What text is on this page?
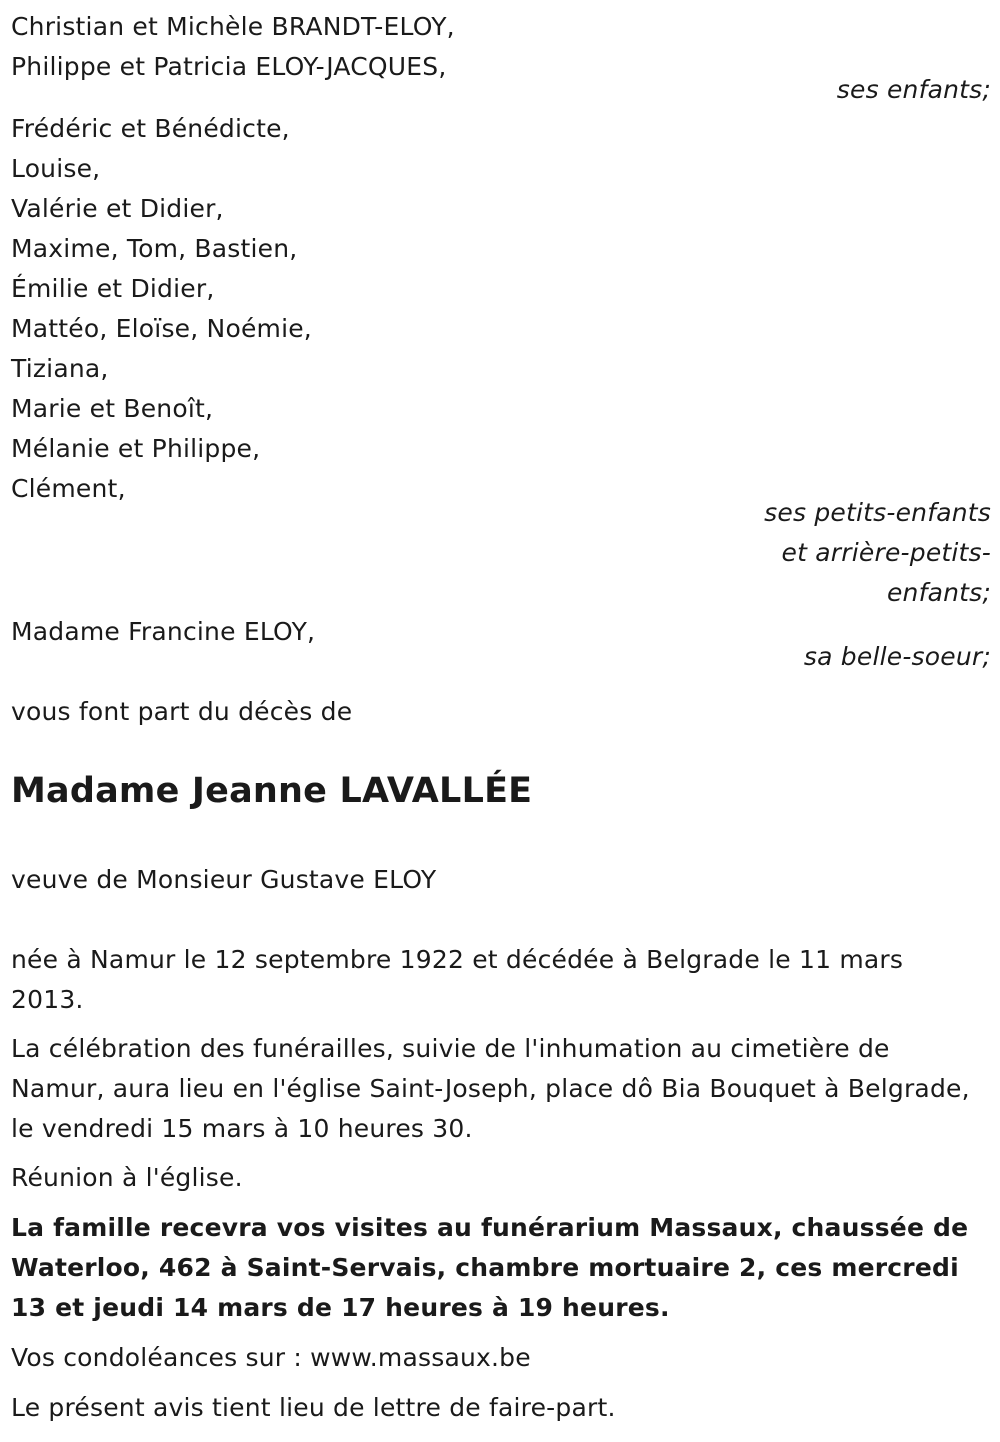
Christian et Michèle BRANDT-ELOY,
Philippe et Patricia ELOY-JACQUES,
ses enfants;
Frédéric et Bénédicte,
Louise,
Valérie et Didier,
Maxime, Tom, Bastien,
Émilie et Didier,
Mattéo, Eloïse, Noémie,
Tiziana,
Marie et Benoît,
Mélanie et Philippe,
Clément,
ses petits-enfants
et arrière-petits-
enfants;
Madame Francine ELOY,
sa belle-soeur;
vous font part du décès de
Madame Jeanne LAVALLÉE
veuve de Monsieur Gustave ELOY
née à Namur le 12 septembre 1922 et décédée à Belgrade le 11 mars 2013.
La célébration des funérailles, suivie de l'inhumation au cimetière de Namur, aura lieu en l'église Saint-Joseph, place dô Bia Bouquet à Belgrade, le vendredi 15 mars à 10 heures 30.
Réunion à l'église.
La famille recevra vos visites au funérarium Massaux, chaussée de Waterloo, 462 à Saint-Servais, chambre mortuaire 2, ces mercredi 13 et jeudi 14 mars de 17 heures à 19 heures.
Vos condoléances sur : www.massaux.be
Le présent avis tient lieu de lettre de faire-part.
